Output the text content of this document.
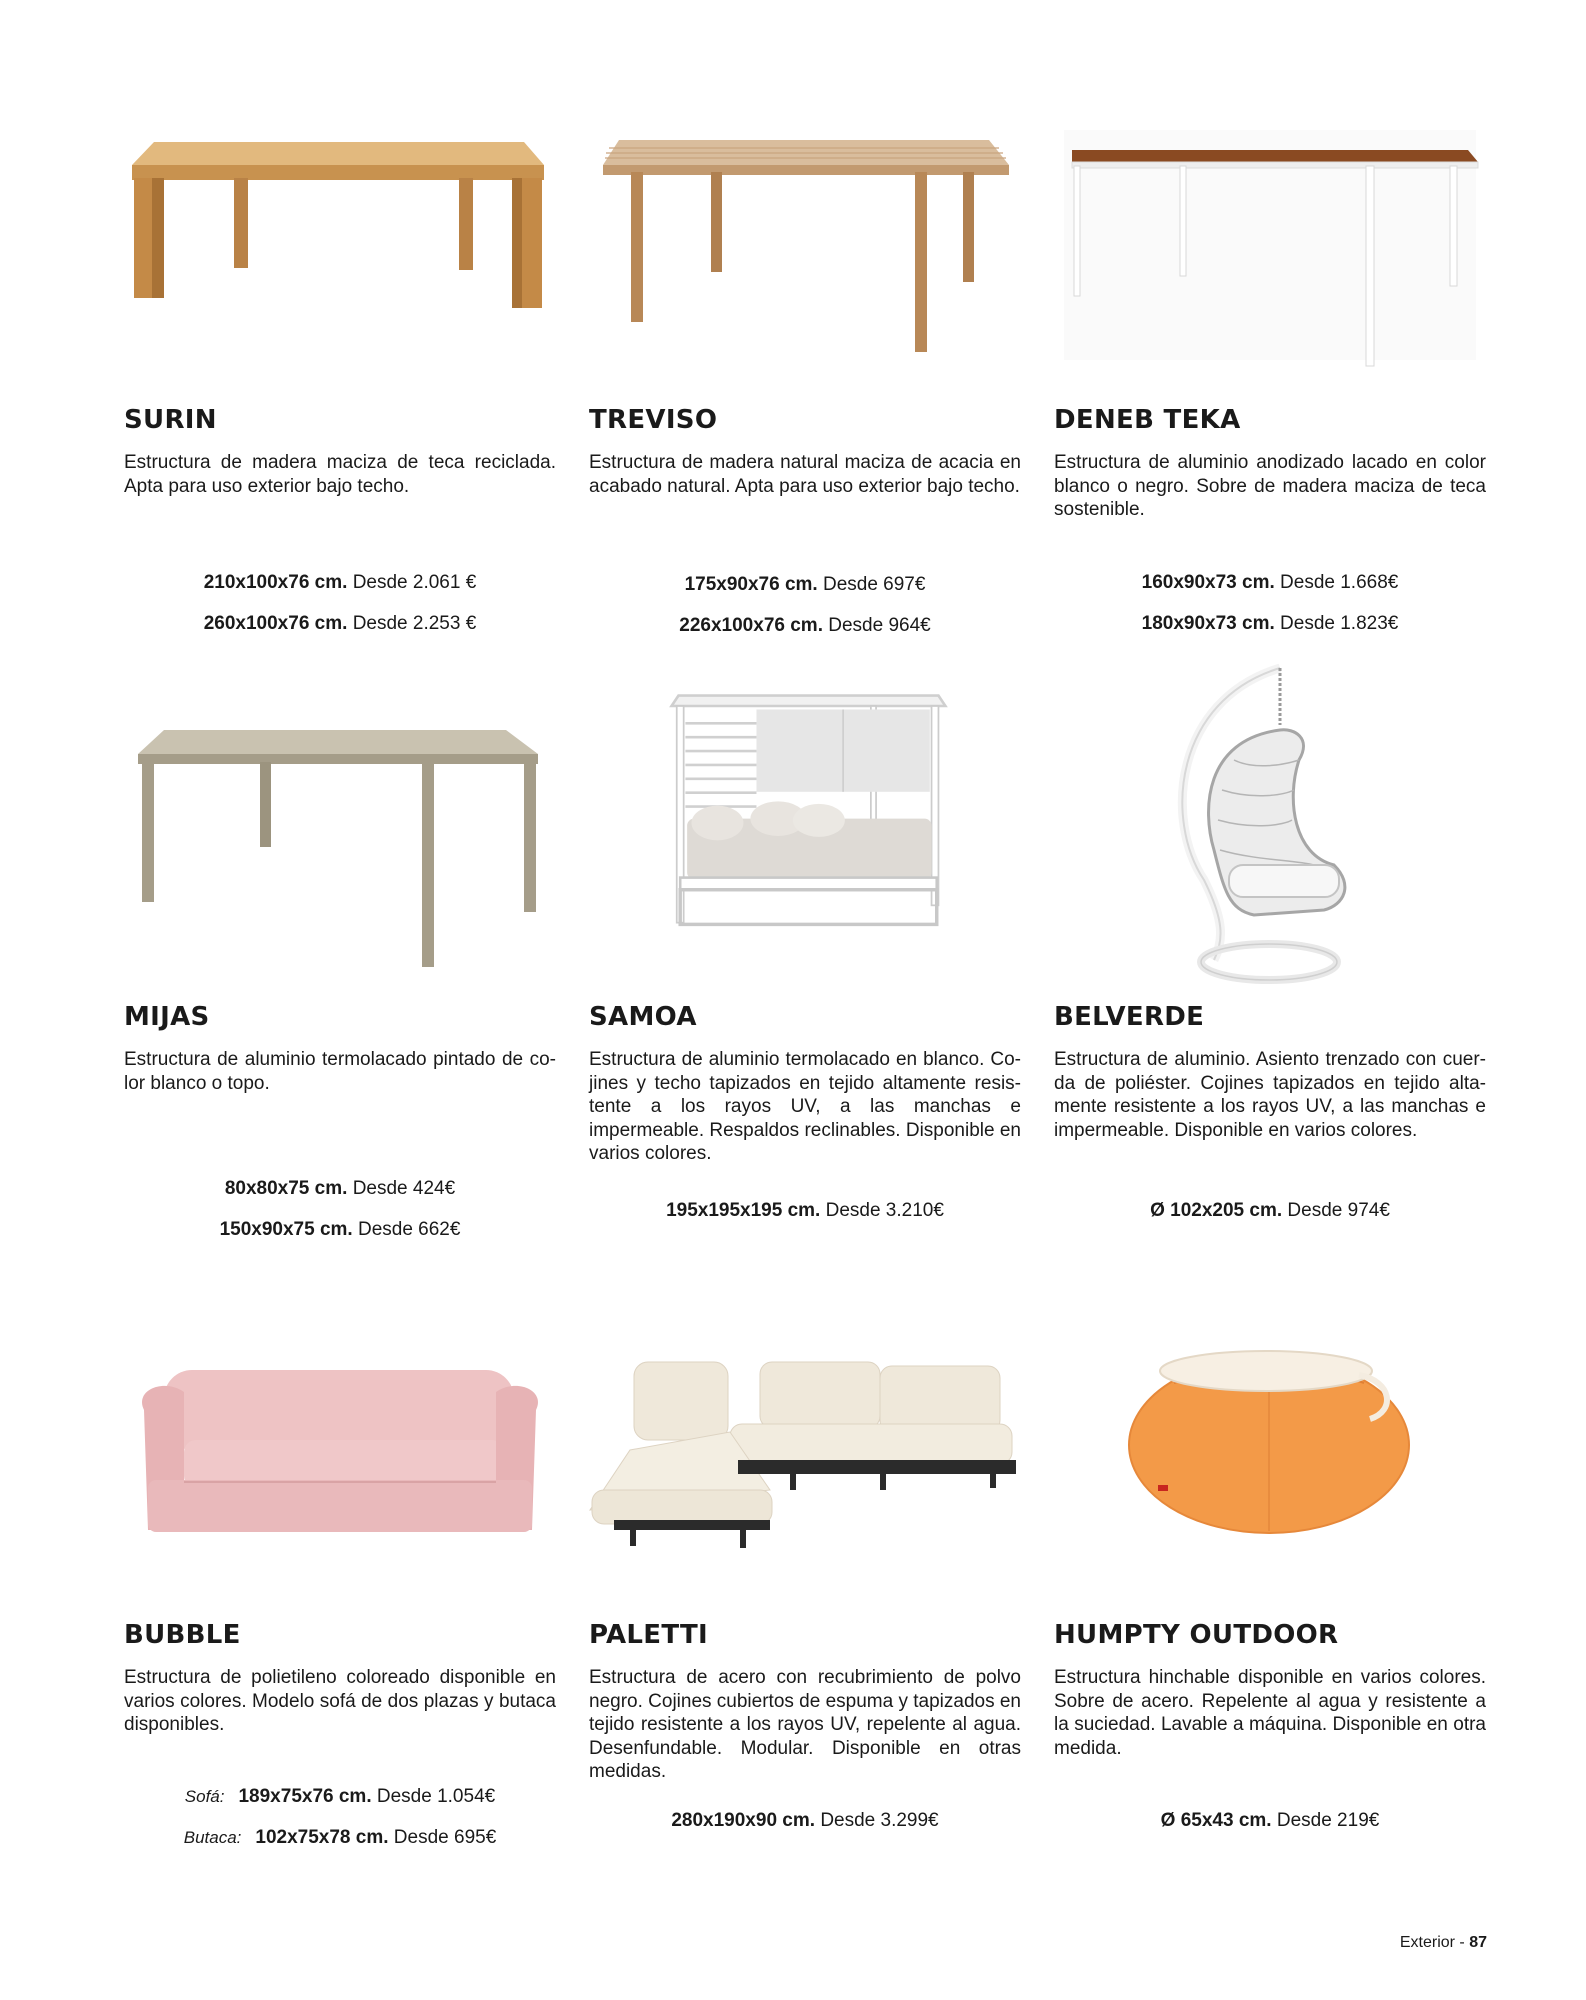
SURIN
Estructura de madera maciza de teca reciclada. Apta para uso exterior bajo techo.
210x100x76 cm. Desde 2.061 €
260x100x76 cm. Desde 2.253 €
TREVISO
Estructura de madera natural maciza de acacia en acabado natural. Apta para uso exterior bajo techo.
175x90x76 cm. Desde 697€
226x100x76 cm. Desde 964€
DENEB TEKA
Estructura de aluminio anodizado lacado en color blanco o negro. Sobre de madera maciza de teca sostenible.
160x90x73 cm. Desde 1.668€
180x90x73 cm. Desde 1.823€
MIJAS
Estructura de aluminio termolacado pintado de color blanco o topo.
80x80x75 cm. Desde 424€
150x90x75 cm. Desde 662€
SAMOA
Estructura de aluminio termolacado en blanco. Cojines y techo tapizados en tejido altamente resistente a los rayos UV, a las manchas e impermeable. Respaldos reclinables. Disponible en varios colores.
195x195x195 cm. Desde 3.210€
BELVERDE
Estructura de aluminio. Asiento trenzado con cuerda de poliéster. Cojines tapizados en tejido altamente resistente a los rayos UV, a las manchas e impermeable. Disponible en varios colores.
Ø 102x205 cm. Desde 974€
BUBBLE
Estructura de polietileno coloreado disponible en varios colores. Modelo sofá de dos plazas y butaca disponibles.
Sofá: 189x75x76 cm. Desde 1.054€
Butaca: 102x75x78 cm. Desde 695€
PALETTI
Estructura de acero con recubrimiento de polvo negro. Cojines cubiertos de espuma y tapizados en tejido resistente a los rayos UV, repelente al agua. Desenfundable. Modular. Disponible en otras medidas.
280x190x90 cm. Desde 3.299€
HUMPTY OUTDOOR
Estructura hinchable disponible en varios colores. Sobre de acero. Repelente al agua y resistente a la suciedad. Lavable a máquina. Disponible en otra medida.
Ø 65x43 cm. Desde 219€
Exterior - 87
